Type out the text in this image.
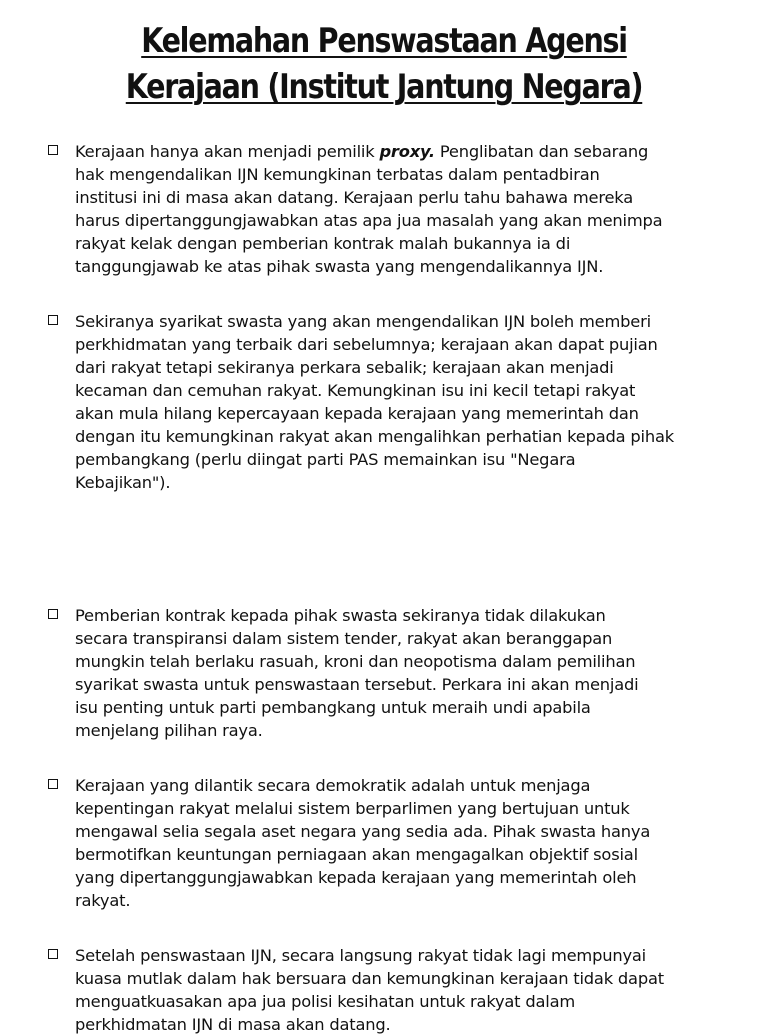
Kelemahan Penswastaan Agensi
Kerajaan (Institut Jantung Negara)
Kerajaan hanya akan menjadi pemilik proxy. Penglibatan dan sebarang
hak mengendalikan IJN kemungkinan terbatas dalam pentadbiran
institusi ini di masa akan datang. Kerajaan perlu tahu bahawa mereka
harus dipertanggungjawabkan atas apa jua masalah yang akan menimpa
rakyat kelak dengan pemberian kontrak malah bukannya ia di
tanggungjawab ke atas pihak swasta yang mengendalikannya IJN.
Sekiranya syarikat swasta yang akan mengendalikan IJN boleh memberi
perkhidmatan yang terbaik dari sebelumnya; kerajaan akan dapat pujian
dari rakyat tetapi sekiranya perkara sebalik; kerajaan akan menjadi
kecaman dan cemuhan rakyat. Kemungkinan isu ini kecil tetapi rakyat
akan mula hilang kepercayaan kepada kerajaan yang memerintah dan
dengan itu kemungkinan rakyat akan mengalihkan perhatian kepada pihak
pembangkang (perlu diingat parti PAS memainkan isu "Negara
Kebajikan").
Pemberian kontrak kepada pihak swasta sekiranya tidak dilakukan
secara transpiransi dalam sistem tender, rakyat akan beranggapan
mungkin telah berlaku rasuah, kroni dan neopotisma dalam pemilihan
syarikat swasta untuk penswastaan tersebut. Perkara ini akan menjadi
isu penting untuk parti pembangkang untuk meraih undi apabila
menjelang pilihan raya.
Kerajaan yang dilantik secara demokratik adalah untuk menjaga
kepentingan rakyat melalui sistem berparlimen yang bertujuan untuk
mengawal selia segala aset negara yang sedia ada. Pihak swasta hanya
bermotifkan keuntungan perniagaan akan mengagalkan objektif sosial
yang dipertanggungjawabkan kepada kerajaan yang memerintah oleh
rakyat.
Setelah penswastaan IJN, secara langsung rakyat tidak lagi mempunyai
kuasa mutlak dalam hak bersuara dan kemungkinan kerajaan tidak dapat
menguatkuasakan apa jua polisi kesihatan untuk rakyat dalam
perkhidmatan IJN di masa akan datang.
